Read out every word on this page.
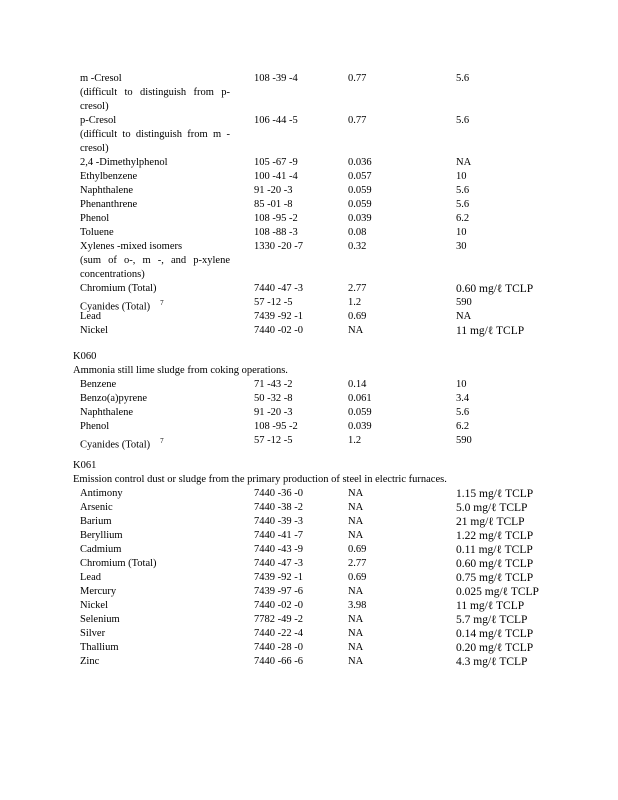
m -Cresol	108 -39 -4	0.77	5.6
(difficult to distinguish from p-cresol)
p-Cresol	106 -44 -5	0.77	5.6
(difficult to distinguish from m -cresol)
2,4 -Dimethylphenol	105 -67 -9	0.036	NA
Ethylbenzene	100 -41 -4	0.057	10
Naphthalene	91 -20 -3	0.059	5.6
Phenanthrene	85 -01 -8	0.059	5.6
Phenol	108 -95 -2	0.039	6.2
Toluene	108 -88 -3	0.08	10
Xylenes -mixed isomers	1330 -20 -7	0.32	30
(sum of o-, m -, and p-xylene concentrations)
Chromium (Total)	7440 -47 -3	2.77	0.60 mg/ℓ TCLP
Cyanides (Total) $^7$	57 -12 -5	1.2	590
Lead	7439 -92 -1	0.69	NA
Nickel	7440 -02 -0	NA	11 mg/ℓ TCLP
K060
Ammonia still lime sludge from coking operations.
Benzene	71 -43 -2	0.14	10
Benzo(a)pyrene	50 -32 -8	0.061	3.4
Naphthalene	91 -20 -3	0.059	5.6
Phenol	108 -95 -2	0.039	6.2
Cyanides (Total) $^7$	57 -12 -5	1.2	590
K061
Emission control dust or sludge from the primary production of steel in electric furnaces.
Antimony	7440 -36 -0	NA	1.15 mg/ℓ TCLP
Arsenic	7440 -38 -2	NA	5.0 mg/ℓ TCLP
Barium	7440 -39 -3	NA	21 mg/ℓ TCLP
Beryllium	7440 -41 -7	NA	1.22 mg/ℓ TCLP
Cadmium	7440 -43 -9	0.69	0.11 mg/ℓ TCLP
Chromium (Total)	7440 -47 -3	2.77	0.60 mg/ℓ TCLP
Lead	7439 -92 -1	0.69	0.75 mg/ℓ TCLP
Mercury	7439 -97 -6	NA	0.025 mg/ℓ TCLP
Nickel	7440 -02 -0	3.98	11 mg/ℓ TCLP
Selenium	7782 -49 -2	NA	5.7 mg/ℓ TCLP
Silver	7440 -22 -4	NA	0.14 mg/ℓ TCLP
Thallium	7440 -28 -0	NA	0.20 mg/ℓ TCLP
Zinc	7440 -66 -6	NA	4.3 mg/ℓ TCLP
